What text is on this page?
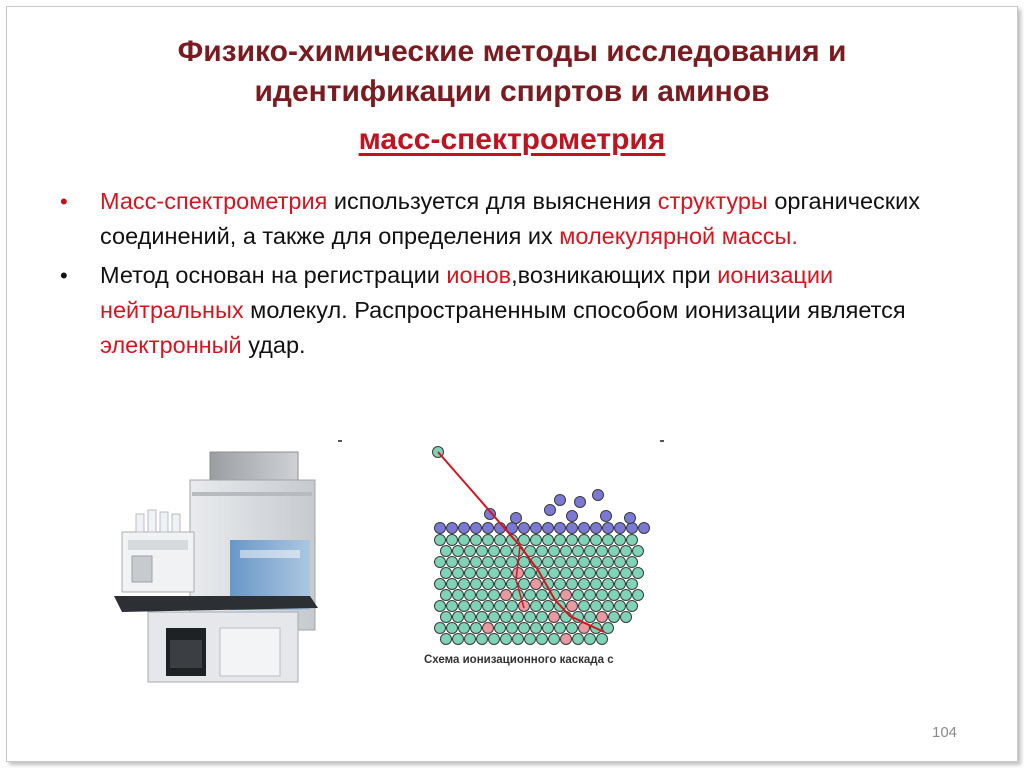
Физико-химические методы исследования и
идентификации спиртов и аминов
масс-спектрометрия
• Масс-спектрометрия используется для выяснения структуры органических соединений, а также для определения их молекулярной массы.
• Метод основан на регистрации ионов,возникающих при ионизации нейтральных молекул. Распространенным способом ионизации является электронный удар.
Схема ионизационного каскада с
104
